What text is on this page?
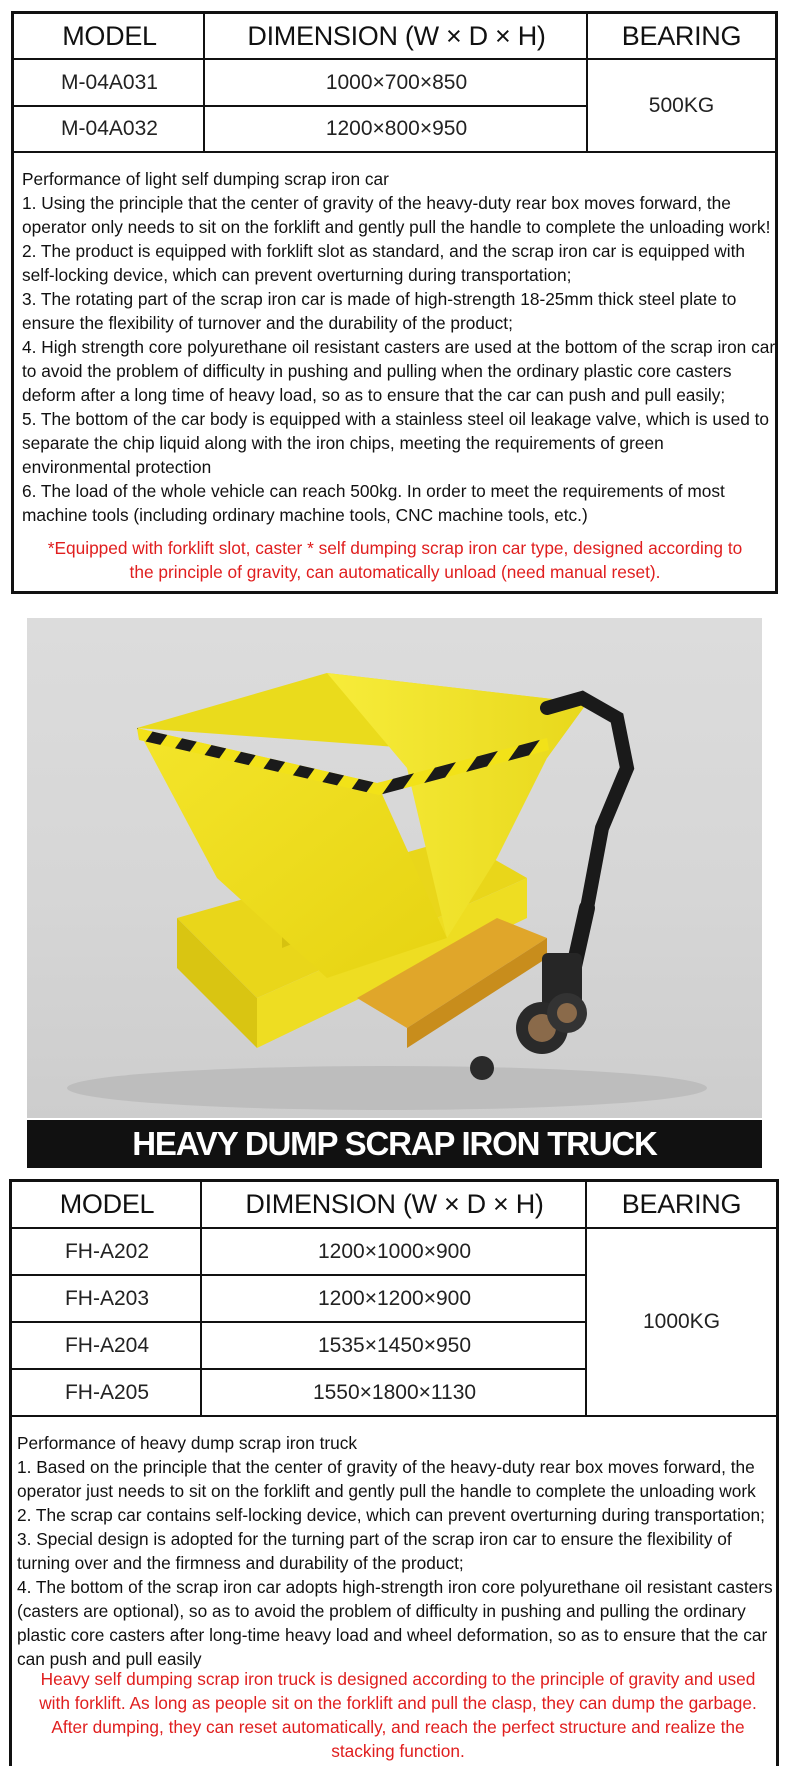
MODEL	DIMENSION (W × D × H)	BEARING
M-04A031	1000×700×850
M-04A032	1200×800×950
500KG

Performance of light self dumping scrap iron car

1. Using the principle that the center of gravity of the heavy-duty rear box moves forward, the operator only needs to sit on the forklift and gently pull the handle to complete the unloading work!

2. The product is equipped with forklift slot as standard, and the scrap iron car is equipped with self-locking device, which can prevent overturning during transportation;

3. The rotating part of the scrap iron car is made of high-strength 18-25mm thick steel plate to ensure the flexibility of turnover and the durability of the product;

4. High strength core polyurethane oil resistant casters are used at the bottom of the scrap iron car to avoid the problem of difficulty in pushing and pulling when the ordinary plastic core casters deform after a long time of heavy load, so as to ensure that the car can push and pull easily;

5. The bottom of the car body is equipped with a stainless steel oil leakage valve, which is used to separate the chip liquid along with the iron chips, meeting the requirements of green environmental protection

6. The load of the whole vehicle can reach 500kg. In order to meet the requirements of most machine tools (including ordinary machine tools, CNC machine tools, etc.)

*Equipped with forklift slot, caster * self dumping scrap iron car type, designed according to the principle of gravity, can automatically unload (need manual reset).
HEAVY DUMP SCRAP IRON TRUCK
MODEL	DIMENSION (W × D × H)	BEARING
FH-A202	1200×1000×900
FH-A203	1200×1200×900
FH-A204	1535×1450×950
FH-A205	1550×1800×1130
1000KG

Performance of heavy dump scrap iron truck

1. Based on the principle that the center of gravity of the heavy-duty rear box moves forward, the operator just needs to sit on the forklift and gently pull the handle to complete the unloading work

2. The scrap car contains self-locking device, which can prevent overturning during transportation;

3. Special design is adopted for the turning part of the scrap iron car to ensure the flexibility of turning over and the firmness and durability of the product;

4. The bottom of the scrap iron car adopts high-strength iron core polyurethane oil resistant casters (casters are optional), so as to avoid the problem of difficulty in pushing and pulling the ordinary plastic core casters after long-time heavy load and wheel deformation, so as to ensure that the car can push and pull easily

Heavy self dumping scrap iron truck is designed according to the principle of gravity and used with forklift. As long as people sit on the forklift and pull the clasp, they can dump the garbage. After dumping, they can reset automatically, and reach the perfect structure and realize the stacking function.
